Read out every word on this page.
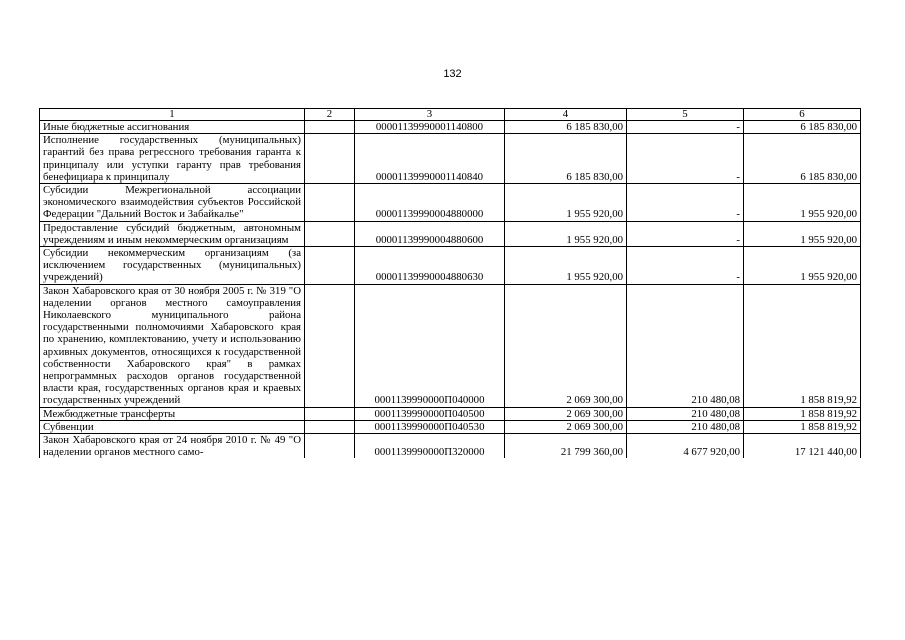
132
1	2	3	4	5	6
Иные бюджетные ассигнования		00001139990001140800	6 185 830,00	-	6 185 830,00
Исполнение государственных (муниципальных) гарантий без права регрессного требования гаранта к принципалу или уступки гаранту прав требования бенефициара к принципалу		00001139990001140840	6 185 830,00	-	6 185 830,00
Субсидии Межрегиональной ассоциации экономического взаимодействия субъектов Российской Федерации "Дальний Восток и Забайкалье"		00001139990004880000	1 955 920,00	-	1 955 920,00
Предоставление субсидий бюджетным, автономным учреждениям и иным некоммерческим организациям		00001139990004880600	1 955 920,00	-	1 955 920,00
Субсидии некоммерческим организациям (за исключением государственных (муниципальных) учреждений)		00001139990004880630	1 955 920,00	-	1 955 920,00
Закон Хабаровского края от 30 ноября 2005 г. № 319 "О наделении органов местного самоуправления Николаевского муниципального района государственными полномочиями Хабаровского края по хранению, комплектованию, учету и использованию архивных документов, относящихся к государственной собственности Хабаровского края" в рамках непрограммных расходов органов государственной власти края, государственных органов края и краевых государственных учреждений		0001139990000П040000	2 069 300,00	210 480,08	1 858 819,92
Межбюджетные трансферты		0001139990000П040500	2 069 300,00	210 480,08	1 858 819,92
Субвенции		0001139990000П040530	2 069 300,00	210 480,08	1 858 819,92
Закон Хабаровского края от 24 ноября 2010 г. № 49 "О наделении органов местного само-		0001139990000П320000	21 799 360,00	4 677 920,00	17 121 440,00
